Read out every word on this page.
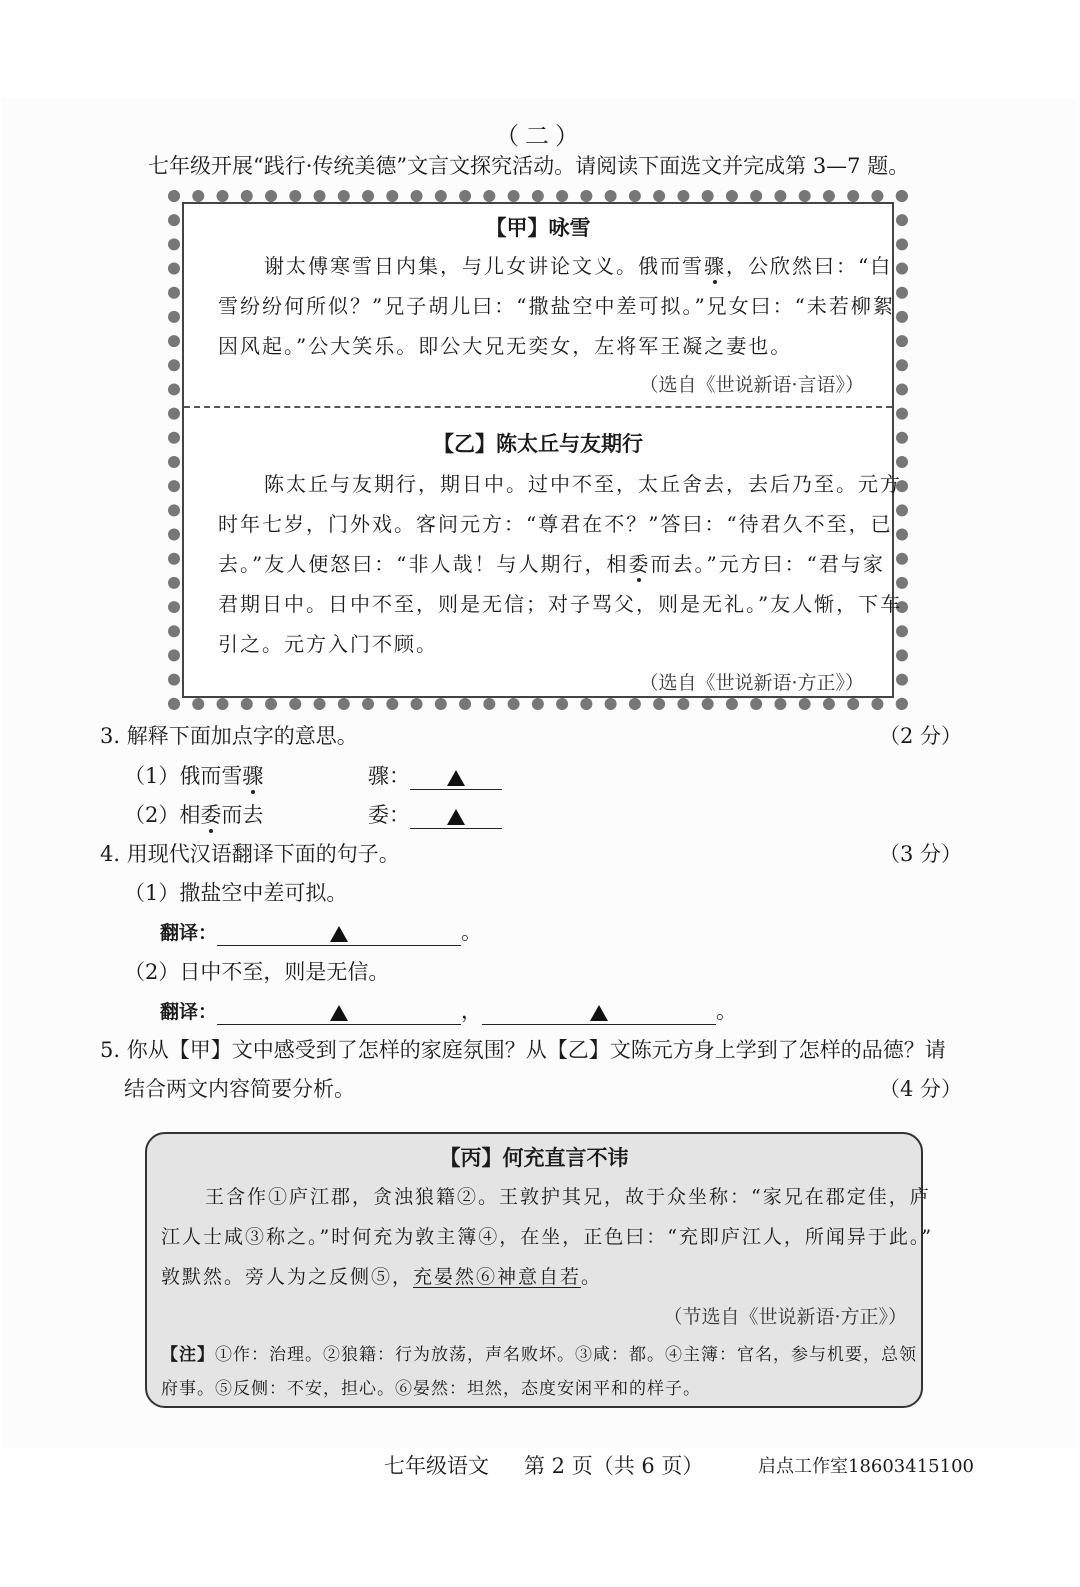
（二）
七年级开展“践行·传统美德”文言文探究活动。请阅读下面选文并完成第 3—7 题。
【甲】咏雪
谢太傅寒雪日内集，与儿女讲论文义。俄而雪骤，公欣然曰：“白
雪纷纷何所似？”兄子胡儿曰：“撒盐空中差可拟。”兄女曰：“未若柳絮
因风起。”公大笑乐。即公大兄无奕女，左将军王凝之妻也。
（选自《世说新语·言语》）
【乙】陈太丘与友期行
陈太丘与友期行，期日中。过中不至，太丘舍去，去后乃至。元方
时年七岁，门外戏。客问元方：“尊君在不？”答曰：“待君久不至，已
去。”友人便怒曰：“非人哉！与人期行，相委而去。”元方曰：“君与家
君期日中。日中不至，则是无信；对子骂父，则是无礼。”友人惭，下车
引之。元方入门不顾。
（选自《世说新语·方正》）
3. 解释下面加点字的意思。	（2 分）
（1）俄而雪骤	骤：
（2）相委而去	委：
4. 用现代汉语翻译下面的句子。	（3 分）
（1）撒盐空中差可拟。
翻译：	。
（2）日中不至，则是无信。
翻译：	，	。
5. 你从【甲】文中感受到了怎样的家庭氛围？从【乙】文陈元方身上学到了怎样的品德？请
结合两文内容简要分析。	（4 分）
【丙】何充直言不讳
王含作①庐江郡，贪浊狼籍②。王敦护其兄，故于众坐称：“家兄在郡定佳，庐
江人士咸③称之。”时何充为敦主簿④，在坐，正色曰：“充即庐江人，所闻异于此。”
敦默然。旁人为之反侧⑤，充晏然⑥神意自若。
（节选自《世说新语·方正》）
【注】①作：治理。②狼籍：行为放荡，声名败坏。③咸：都。④主簿：官名，参与机要，总领
府事。⑤反侧：不安，担心。⑥晏然：坦然，态度安闲平和的样子。
七年级语文 第 2 页（共 6 页）	启点工作室18603415100
